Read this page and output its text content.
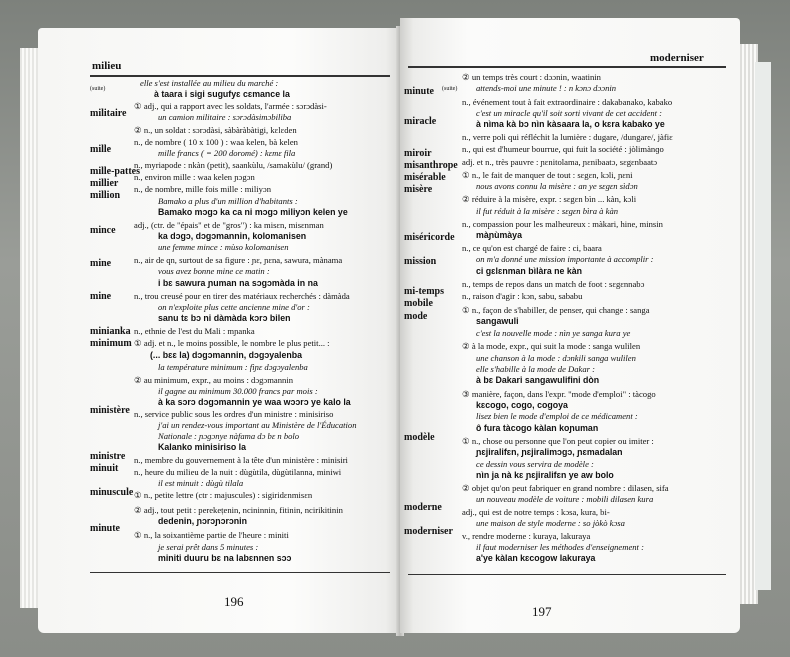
milieu
(suite)
militaire
mille
mille-pattes
millier
million
mince
mine
mine
minianka
minimum
ministère
ministre
minuit
minuscule
minute
elle s'est installée au milieu du marché :
à taara i sigi sugufyɛ cɛmance la
① adj., qui a rapport avec les soldats, l'armée : sɔrɔdàsi-
un camion militaire : sɔrɔdàsimɔbiliba
② n., un soldat : sɔrɔdàsi, sàbàràbàtigi, kɛlɛden
n., de nombre ( 10 x 100 ) : waa kelen, bà kelen
mille francs ( = 200 doromé) : kɛmɛ fila
n., myriapode : nkàn (petit), saankùlu, /samakùlu/ (grand)
n., environ mille : waa kelen ɲɔgɔn
n., de nombre, mille fois mille : miliyɔn
Bamako a plus d'un million d'habitants :
Bamako mɔgɔ ka ca ni mɔgɔ miliyɔn kelen ye
adj., (ctr. de "épais" et de "gros") : ka misɛn, misɛnman
ka dɔgɔ, dɔgɔmannin, kolomanisen
une femme mince : mùso kolomanisen
n., air de qn, surtout de sa figure : ɲɛ, ɲɛna, sawura, mànama
vous avez bonne mine ce matin :
i bɛ sawura ɲuman na sɔgɔmàda in na
n., trou creusé pour en tirer des matériaux recherchés : dàmàda
on n'exploite plus cette ancienne mine d'or :
sanu tɛ bɔ ni dàmàda kɔrɔ bilen
n., ethnie de l'est du Mali : mɲanka
① adj. et n., le moins possible, le nombre le plus petit... :
(... bɛɛ la) dɔgɔmannin, dɔgɔyalenba
la température minimum : fìɲɛ dɔgɔyalenba
② au minimum, expr., au moins : dɔgɔmannin
il gagne au minimum 30.000 francs par mois :
à ka sɔrɔ dɔgɔmannin ye waa wɔɔrɔ ye kalo la
n., service public sous les ordres d'un ministre : minisiriso
j'ai un rendez-vous important au Ministère de l'Éducation
Nationale : ɲɔgɔnye nàfama dɔ bɛ n bolo
Kalanko minisiriso la
n., membre du gouvernement à la tête d'un ministère : minisiri
n., heure du milieu de la nuit : dùgùtila, dùgùtilanna, miniwi
il est minuit : dùgù tilala
① n., petite lettre (ctr : majuscules) : sigiridɛnmisɛn
② adj., tout petit : perekeṭenin, ncininnin, fitinin, ncirikitinin
dedenin, ɲɔrɔɲɔrɔnin
① n., la soixantième partie de l'heure : miniti
je serai prêt dans 5 minutes :
miniti duuru bɛ na labɛnnen sɔɔ
196
moderniser
minute (suite)
miracle
miroir
misanthrope
misérable
misère
miséricorde
mission
mi-temps
mobile
mode
modèle
moderne
moderniser
② un temps très court : dɔɔnin, waatinin
attends-moi une minute ! : n kɔnɔ dɔɔnin
n., événement tout à fait extraordinaire : dakabanako, kabako
c'est un miracle qu'il soit sorti vivant de cet accident :
à nìma kà bɔ nìn kàsaara la, o kɛra kabako ye
n., verre poli qui réfléchit la lumière : dugare, /dungare/, jàfiɛ
n., qui est d'humeur bourrue, qui fuit la société : jòlimànɡo
adj. et n., très pauvre : ɲɛnitolama, ɲɛnibaatɔ, sɛgɛnbaatɔ
① n., le fait de manquer de tout : sɛgɛn, kɔli, ɲɛni
nous avons connu la misère : an ye sɛgɛn sìdɔn
② réduire à la misère, expr. : sɛgɛn bìn ... kàn, kɔli
il fut réduit à la misère : sɛgɛn bìra à kàn
n., compassion pour les malheureux : màkari, hine, minsin
màɲùmàya
n., ce qu'on est chargé de faire : ci, baara
on m'a donné une mission importante à accomplir :
ci gɛlɛnman bìlàra ne kàn
n., temps de repos dans un match de foot : sɛgɛnnabɔ
n., raison d'agir : kɔn, sabu, sababu
① n., façon de s'habiller, de penser, qui change : sanga
sangawuli
c'est la nouvelle mode : nìn ye sanga kura ye
② à la mode, expr., qui suit la mode : sanga wulilen
une chanson à la mode : dɔnkili sanga wulilen
elle s'habille à la mode de Dakar :
à bɛ Dakari sangawulifini dòn
③ manière, façon, dans l'expr. "mode d'emploi" : tàcogo
kɛcogo, cogo, cogoya
lisez bien le mode d'emploi de ce médicament :
ô fura tàcogo kàlan koɲuman
① n., chose ou personne que l'on peut copier ou imiter :
ɲɛjiralifɛn, ɲɛjiralimɔgɔ, ɲɛmadalan
ce dessin vous servira de modèle :
nìn ja nà kɛ ɲɛjiralifɛn ye aw bolo
② objet qu'on peut fabriquer en grand nombre : dilasen, sifa
un nouveau modèle de voiture : mobili dilasen kura
adj., qui est de notre temps : kɔsa, kura, bi-
une maison de style moderne : so jòkò kɔsa
v., rendre moderne : kuraya, lakuraya
il faut moderniser les méthodes d'enseignement :
a'ye kàlan kɛcogow lakuraya
197
